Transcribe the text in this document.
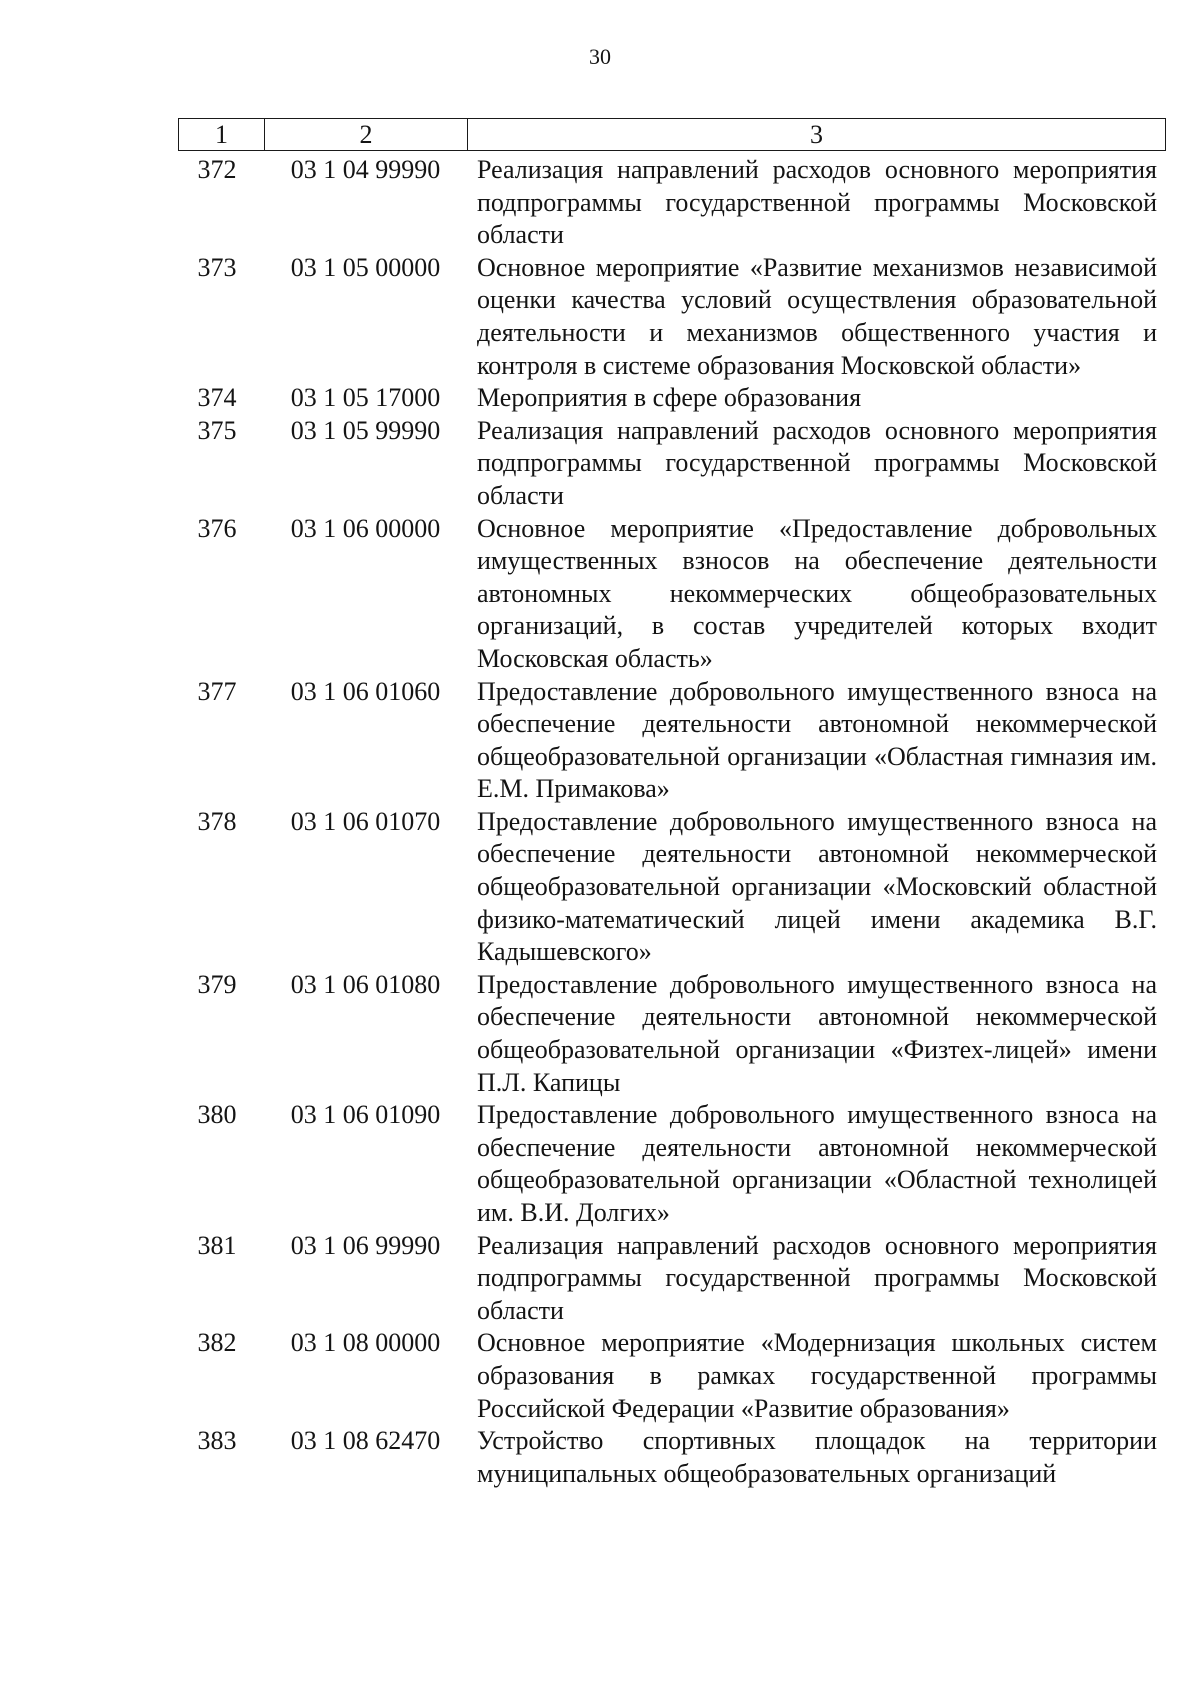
30
1	2	3
372	03 1 04 99990	Реализация направлений расходов основного мероприятия подпрограммы государственной программы Московской области
373	03 1 05 00000	Основное мероприятие «Развитие механизмов независимой оценки качества условий осуществления образовательной деятельности и механизмов общественного участия и контроля в системе образования Московской области»
374	03 1 05 17000	Мероприятия в сфере образования
375	03 1 05 99990	Реализация направлений расходов основного мероприятия подпрограммы государственной программы Московской области
376	03 1 06 00000	Основное мероприятие «Предоставление добровольных имущественных взносов на обеспечение деятельности автономных некоммерческих общеобразовательных организаций, в состав учредителей которых входит Московская область»
377	03 1 06 01060	Предоставление добровольного имущественного взноса на обеспечение деятельности автономной некоммерческой общеобразовательной организации «Областная гимназия им. Е.М. Примакова»
378	03 1 06 01070	Предоставление добровольного имущественного взноса на обеспечение деятельности автономной некоммерческой общеобразовательной организации «Московский областной физико-математический лицей имени академика В.Г. Кадышевского»
379	03 1 06 01080	Предоставление добровольного имущественного взноса на обеспечение деятельности автономной некоммерческой общеобразовательной организации «Физтех-лицей» имени П.Л. Капицы
380	03 1 06 01090	Предоставление добровольного имущественного взноса на обеспечение деятельности автономной некоммерческой общеобразовательной организации «Областной технолицей им. В.И. Долгих»
381	03 1 06 99990	Реализация направлений расходов основного мероприятия подпрограммы государственной программы Московской области
382	03 1 08 00000	Основное мероприятие «Модернизация школьных систем образования в рамках государственной программы Российской Федерации «Развитие образования»
383	03 1 08 62470	Устройство спортивных площадок на территории муниципальных общеобразовательных организаций
